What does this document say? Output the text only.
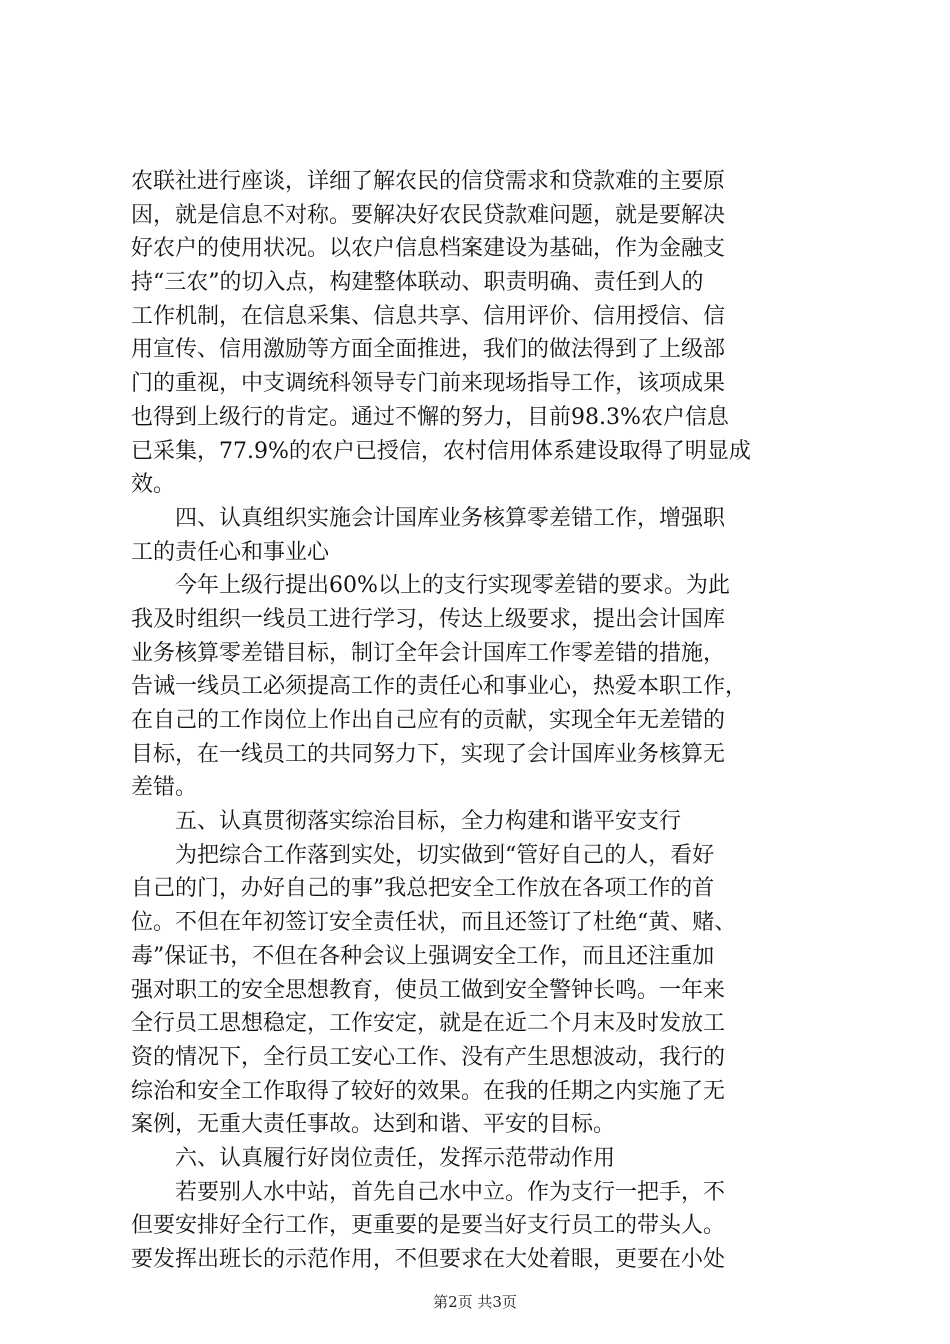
农联社进行座谈，详细了解农民的信贷需求和贷款难的主要原
因，就是信息不对称。要解决好农民贷款难问题，就是要解决
好农户的使用状况。以农户信息档案建设为基础，作为金融支
持“三农”的切入点，构建整体联动、职责明确、责任到人的
工作机制，在信息采集、信息共享、信用评价、信用授信、信
用宣传、信用激励等方面全面推进，我们的做法得到了上级部
门的重视，中支调统科领导专门前来现场指导工作，该项成果
也得到上级行的肯定。通过不懈的努力，目前98.3%农户信息
已采集，77.9%的农户已授信，农村信用体系建设取得了明显成
效。
四、认真组织实施会计国库业务核算零差错工作，增强职
工的责任心和事业心
今年上级行提出60%以上的支行实现零差错的要求。为此
我及时组织一线员工进行学习，传达上级要求，提出会计国库
业务核算零差错目标，制订全年会计国库工作零差错的措施，
告诫一线员工必须提高工作的责任心和事业心，热爱本职工作，
在自己的工作岗位上作出自己应有的贡献，实现全年无差错的
目标，在一线员工的共同努力下，实现了会计国库业务核算无
差错。
五、认真贯彻落实综治目标，全力构建和谐平安支行
为把综合工作落到实处，切实做到“管好自己的人，看好
自己的门，办好自己的事”我总把安全工作放在各项工作的首
位。不但在年初签订安全责任状，而且还签订了杜绝“黄、赌、
毒”保证书，不但在各种会议上强调安全工作，而且还注重加
强对职工的安全思想教育，使员工做到安全警钟长鸣。一年来
全行员工思想稳定，工作安定，就是在近二个月末及时发放工
资的情况下，全行员工安心工作、没有产生思想波动，我行的
综治和安全工作取得了较好的效果。在我的任期之内实施了无
案例，无重大责任事故。达到和谐、平安的目标。
六、认真履行好岗位责任，发挥示范带动作用
若要别人水中站，首先自己水中立。作为支行一把手，不
但要安排好全行工作，更重要的是要当好支行员工的带头人。
要发挥出班长的示范作用，不但要求在大处着眼，更要在小处
第2页 共3页
